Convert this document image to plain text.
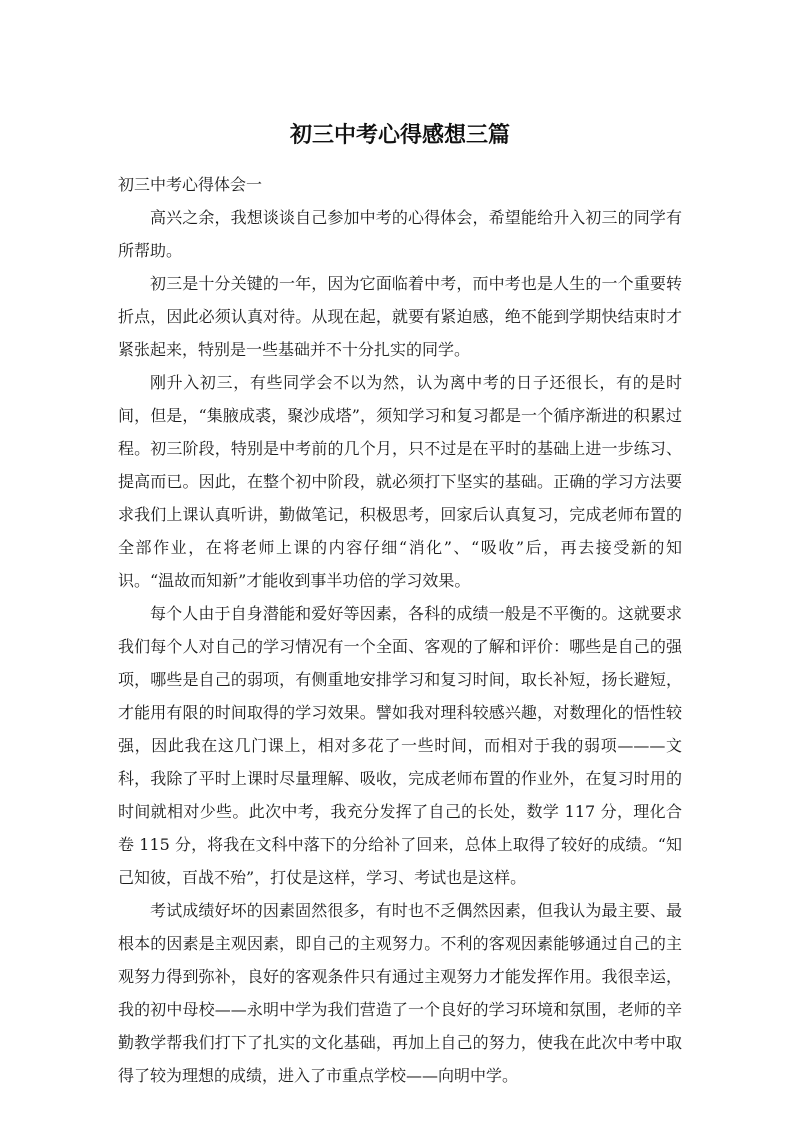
初三中考心得感想三篇

初三中考心得体会一

高兴之余，我想谈谈自己参加中考的心得体会，希望能给升入初三的同学有所帮助。

初三是十分关键的一年，因为它面临着中考，而中考也是人生的一个重要转折点，因此必须认真对待。从现在起，就要有紧迫感，绝不能到学期快结束时才紧张起来，特别是一些基础并不十分扎实的同学。

刚升入初三，有些同学会不以为然，认为离中考的日子还很长，有的是时间，但是，“集腋成裘，聚沙成塔”，须知学习和复习都是一个循序渐进的积累过程。初三阶段，特别是中考前的几个月，只不过是在平时的基础上进一步练习、提高而已。因此，在整个初中阶段，就必须打下坚实的基础。正确的学习方法要求我们上课认真听讲，勤做笔记，积极思考，回家后认真复习，完成老师布置的全部作业，在将老师上课的内容仔细“消化”、“吸收”后，再去接受新的知识。“温故而知新”才能收到事半功倍的学习效果。

每个人由于自身潜能和爱好等因素，各科的成绩一般是不平衡的。这就要求我们每个人对自己的学习情况有一个全面、客观的了解和评价：哪些是自己的强项，哪些是自己的弱项，有侧重地安排学习和复习时间，取长补短，扬长避短，才能用有限的时间取得的学习效果。譬如我对理科较感兴趣，对数理化的悟性较强，因此我在这几门课上，相对多花了一些时间，而相对于我的弱项———文科，我除了平时上课时尽量理解、吸收，完成老师布置的作业外，在复习时用的时间就相对少些。此次中考，我充分发挥了自己的长处，数学 117 分，理化合卷 115 分，将我在文科中落下的分给补了回来，总体上取得了较好的成绩。“知己知彼，百战不殆”，打仗是这样，学习、考试也是这样。

考试成绩好坏的因素固然很多，有时也不乏偶然因素，但我认为最主要、最根本的因素是主观因素，即自己的主观努力。不利的客观因素能够通过自己的主观努力得到弥补，良好的客观条件只有通过主观努力才能发挥作用。我很幸运，我的初中母校——永明中学为我们营造了一个良好的学习环境和氛围，老师的辛勤教学帮我们打下了扎实的文化基础，再加上自己的努力，使我在此次中考中取得了较为理想的成绩，进入了市重点学校——向明中学。
